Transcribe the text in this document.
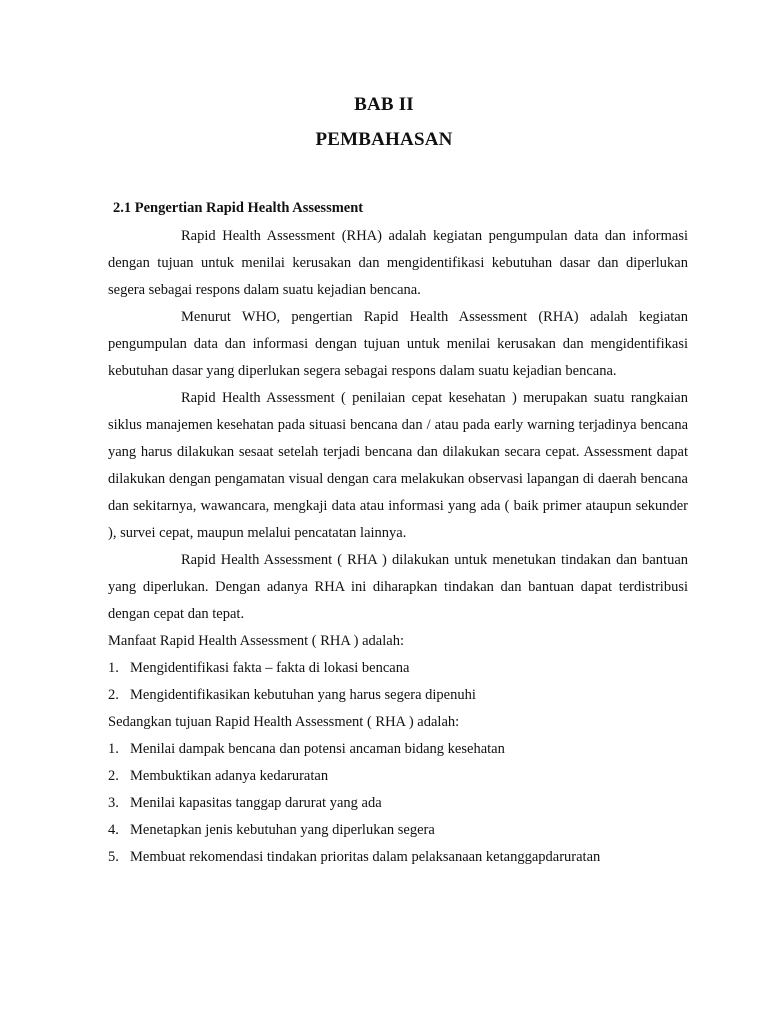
BAB II
PEMBAHASAN
2.1 Pengertian Rapid Health Assessment

Rapid Health Assessment (RHA) adalah kegiatan pengumpulan data dan informasi dengan tujuan untuk menilai kerusakan dan mengidentifikasi kebutuhan dasar dan diperlukan segera sebagai respons dalam suatu kejadian bencana.

Menurut WHO, pengertian Rapid Health Assessment (RHA) adalah kegiatan pengumpulan data dan informasi dengan tujuan untuk menilai kerusakan dan mengidentifikasi kebutuhan dasar yang diperlukan segera sebagai respons dalam suatu kejadian bencana.

Rapid Health Assessment ( penilaian cepat kesehatan ) merupakan suatu rangkaian siklus manajemen kesehatan pada situasi bencana dan / atau pada early warning terjadinya bencana yang harus dilakukan sesaat setelah terjadi bencana dan dilakukan secara cepat. Assessment dapat dilakukan dengan pengamatan visual dengan cara melakukan observasi lapangan di daerah bencana dan sekitarnya, wawancara, mengkaji data atau informasi yang ada ( baik primer ataupun sekunder ), survei cepat, maupun melalui pencatatan lainnya.

Rapid Health Assessment ( RHA ) dilakukan untuk menetukan tindakan dan bantuan yang diperlukan. Dengan adanya RHA ini diharapkan tindakan dan bantuan dapat terdistribusi dengan cepat dan tepat.

Manfaat Rapid Health Assessment ( RHA ) adalah:

1. Mengidentifikasi fakta – fakta di lokasi bencana
2. Mengidentifikasikan kebutuhan yang harus segera dipenuhi

Sedangkan tujuan Rapid Health Assessment ( RHA ) adalah:

1. Menilai dampak bencana dan potensi ancaman bidang kesehatan
2. Membuktikan adanya kedaruratan
3. Menilai kapasitas tanggap darurat yang ada
4. Menetapkan jenis kebutuhan yang diperlukan segera
5. Membuat rekomendasi tindakan prioritas dalam pelaksanaan ketanggapdaruratan
